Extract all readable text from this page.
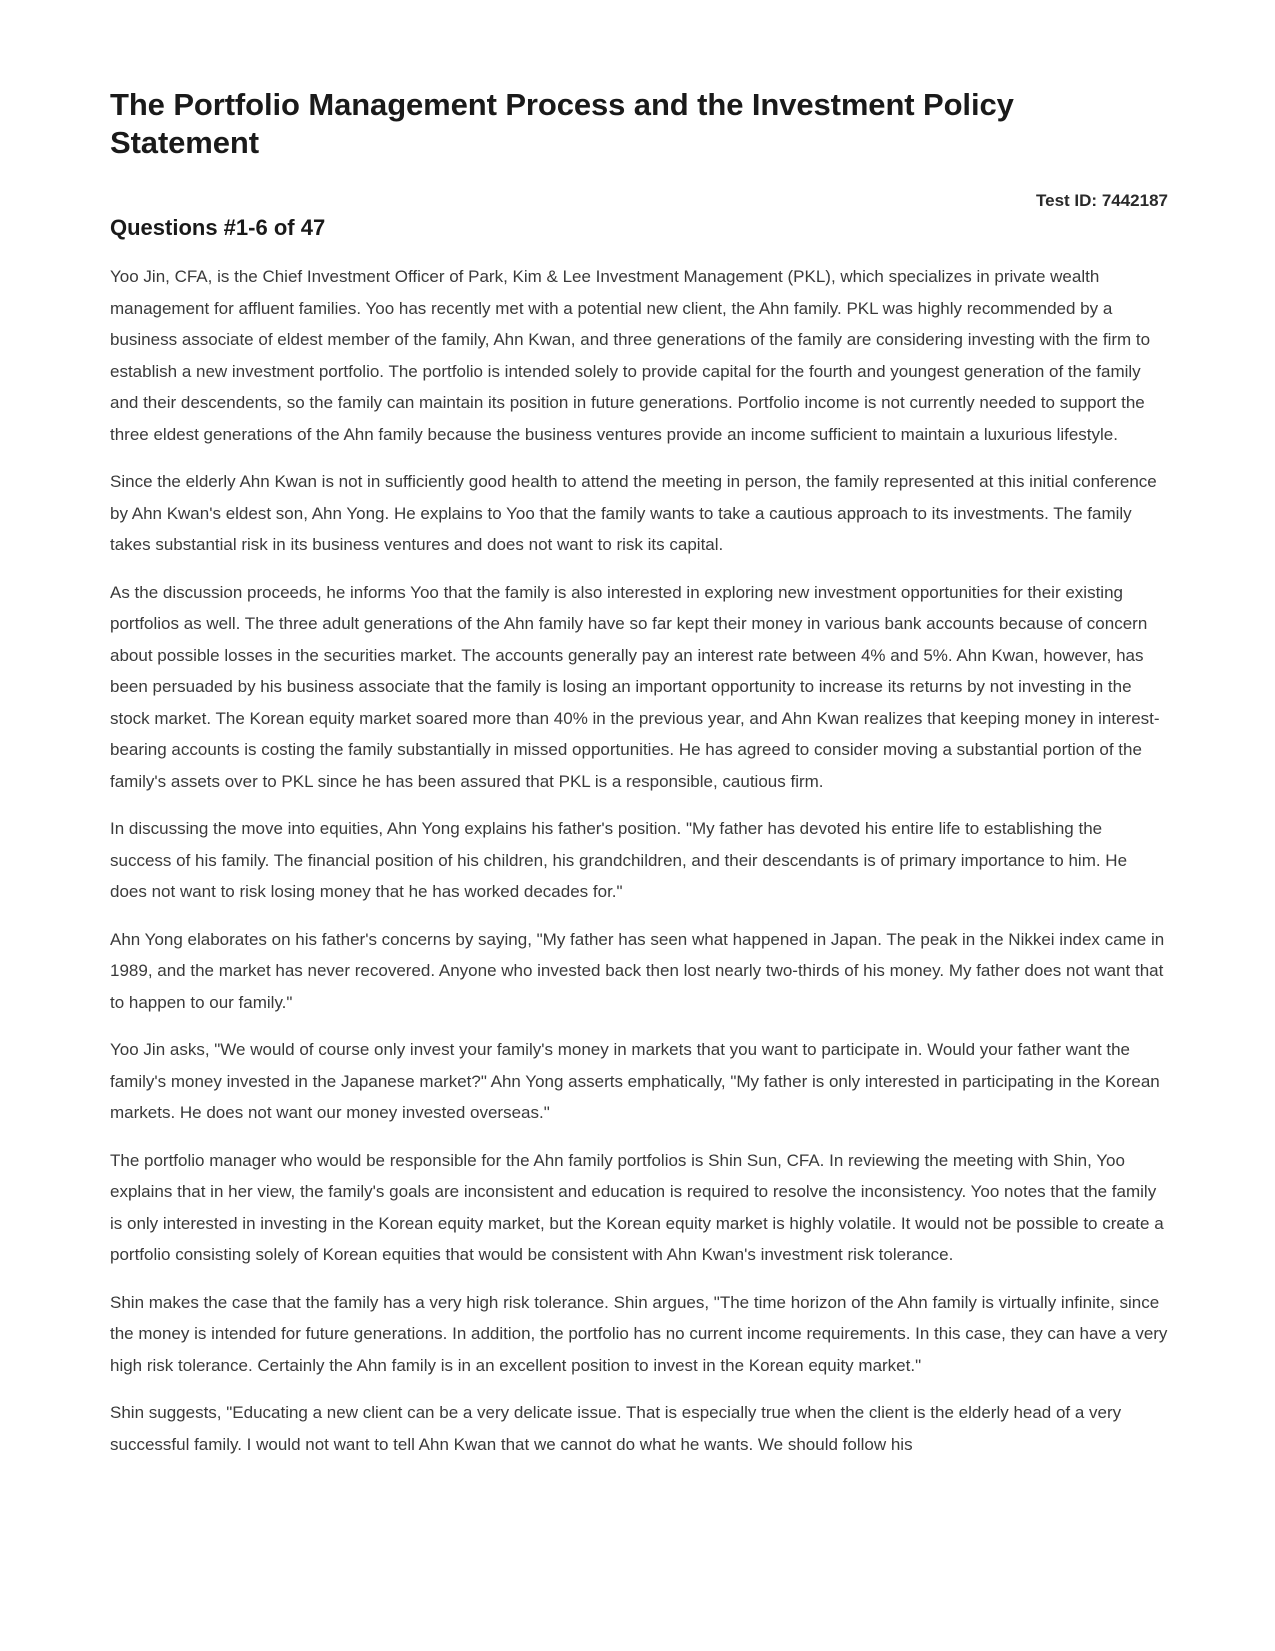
The Portfolio Management Process and the Investment Policy Statement
Test ID: 7442187
Questions #1-6 of 47

Yoo Jin, CFA, is the Chief Investment Officer of Park, Kim & Lee Investment Management (PKL), which specializes in private wealth management for affluent families. Yoo has recently met with a potential new client, the Ahn family. PKL was highly recommended by a business associate of eldest member of the family, Ahn Kwan, and three generations of the family are considering investing with the firm to establish a new investment portfolio. The portfolio is intended solely to provide capital for the fourth and youngest generation of the family and their descendents, so the family can maintain its position in future generations. Portfolio income is not currently needed to support the three eldest generations of the Ahn family because the business ventures provide an income sufficient to maintain a luxurious lifestyle.

Since the elderly Ahn Kwan is not in sufficiently good health to attend the meeting in person, the family represented at this initial conference by Ahn Kwan's eldest son, Ahn Yong. He explains to Yoo that the family wants to take a cautious approach to its investments. The family takes substantial risk in its business ventures and does not want to risk its capital.

As the discussion proceeds, he informs Yoo that the family is also interested in exploring new investment opportunities for their existing portfolios as well. The three adult generations of the Ahn family have so far kept their money in various bank accounts because of concern about possible losses in the securities market. The accounts generally pay an interest rate between 4% and 5%. Ahn Kwan, however, has been persuaded by his business associate that the family is losing an important opportunity to increase its returns by not investing in the stock market. The Korean equity market soared more than 40% in the previous year, and Ahn Kwan realizes that keeping money in interest-bearing accounts is costing the family substantially in missed opportunities. He has agreed to consider moving a substantial portion of the family's assets over to PKL since he has been assured that PKL is a responsible, cautious firm.

In discussing the move into equities, Ahn Yong explains his father's position. "My father has devoted his entire life to establishing the success of his family. The financial position of his children, his grandchildren, and their descendants is of primary importance to him. He does not want to risk losing money that he has worked decades for."

Ahn Yong elaborates on his father's concerns by saying, "My father has seen what happened in Japan. The peak in the Nikkei index came in 1989, and the market has never recovered. Anyone who invested back then lost nearly two-thirds of his money. My father does not want that to happen to our family."

Yoo Jin asks, "We would of course only invest your family's money in markets that you want to participate in. Would your father want the family's money invested in the Japanese market?" Ahn Yong asserts emphatically, "My father is only interested in participating in the Korean markets. He does not want our money invested overseas."

The portfolio manager who would be responsible for the Ahn family portfolios is Shin Sun, CFA. In reviewing the meeting with Shin, Yoo explains that in her view, the family's goals are inconsistent and education is required to resolve the inconsistency. Yoo notes that the family is only interested in investing in the Korean equity market, but the Korean equity market is highly volatile. It would not be possible to create a portfolio consisting solely of Korean equities that would be consistent with Ahn Kwan's investment risk tolerance.

Shin makes the case that the family has a very high risk tolerance. Shin argues, "The time horizon of the Ahn family is virtually infinite, since the money is intended for future generations. In addition, the portfolio has no current income requirements. In this case, they can have a very high risk tolerance. Certainly the Ahn family is in an excellent position to invest in the Korean equity market."

Shin suggests, "Educating a new client can be a very delicate issue. That is especially true when the client is the elderly head of a very successful family. I would not want to tell Ahn Kwan that we cannot do what he wants. We should follow his
